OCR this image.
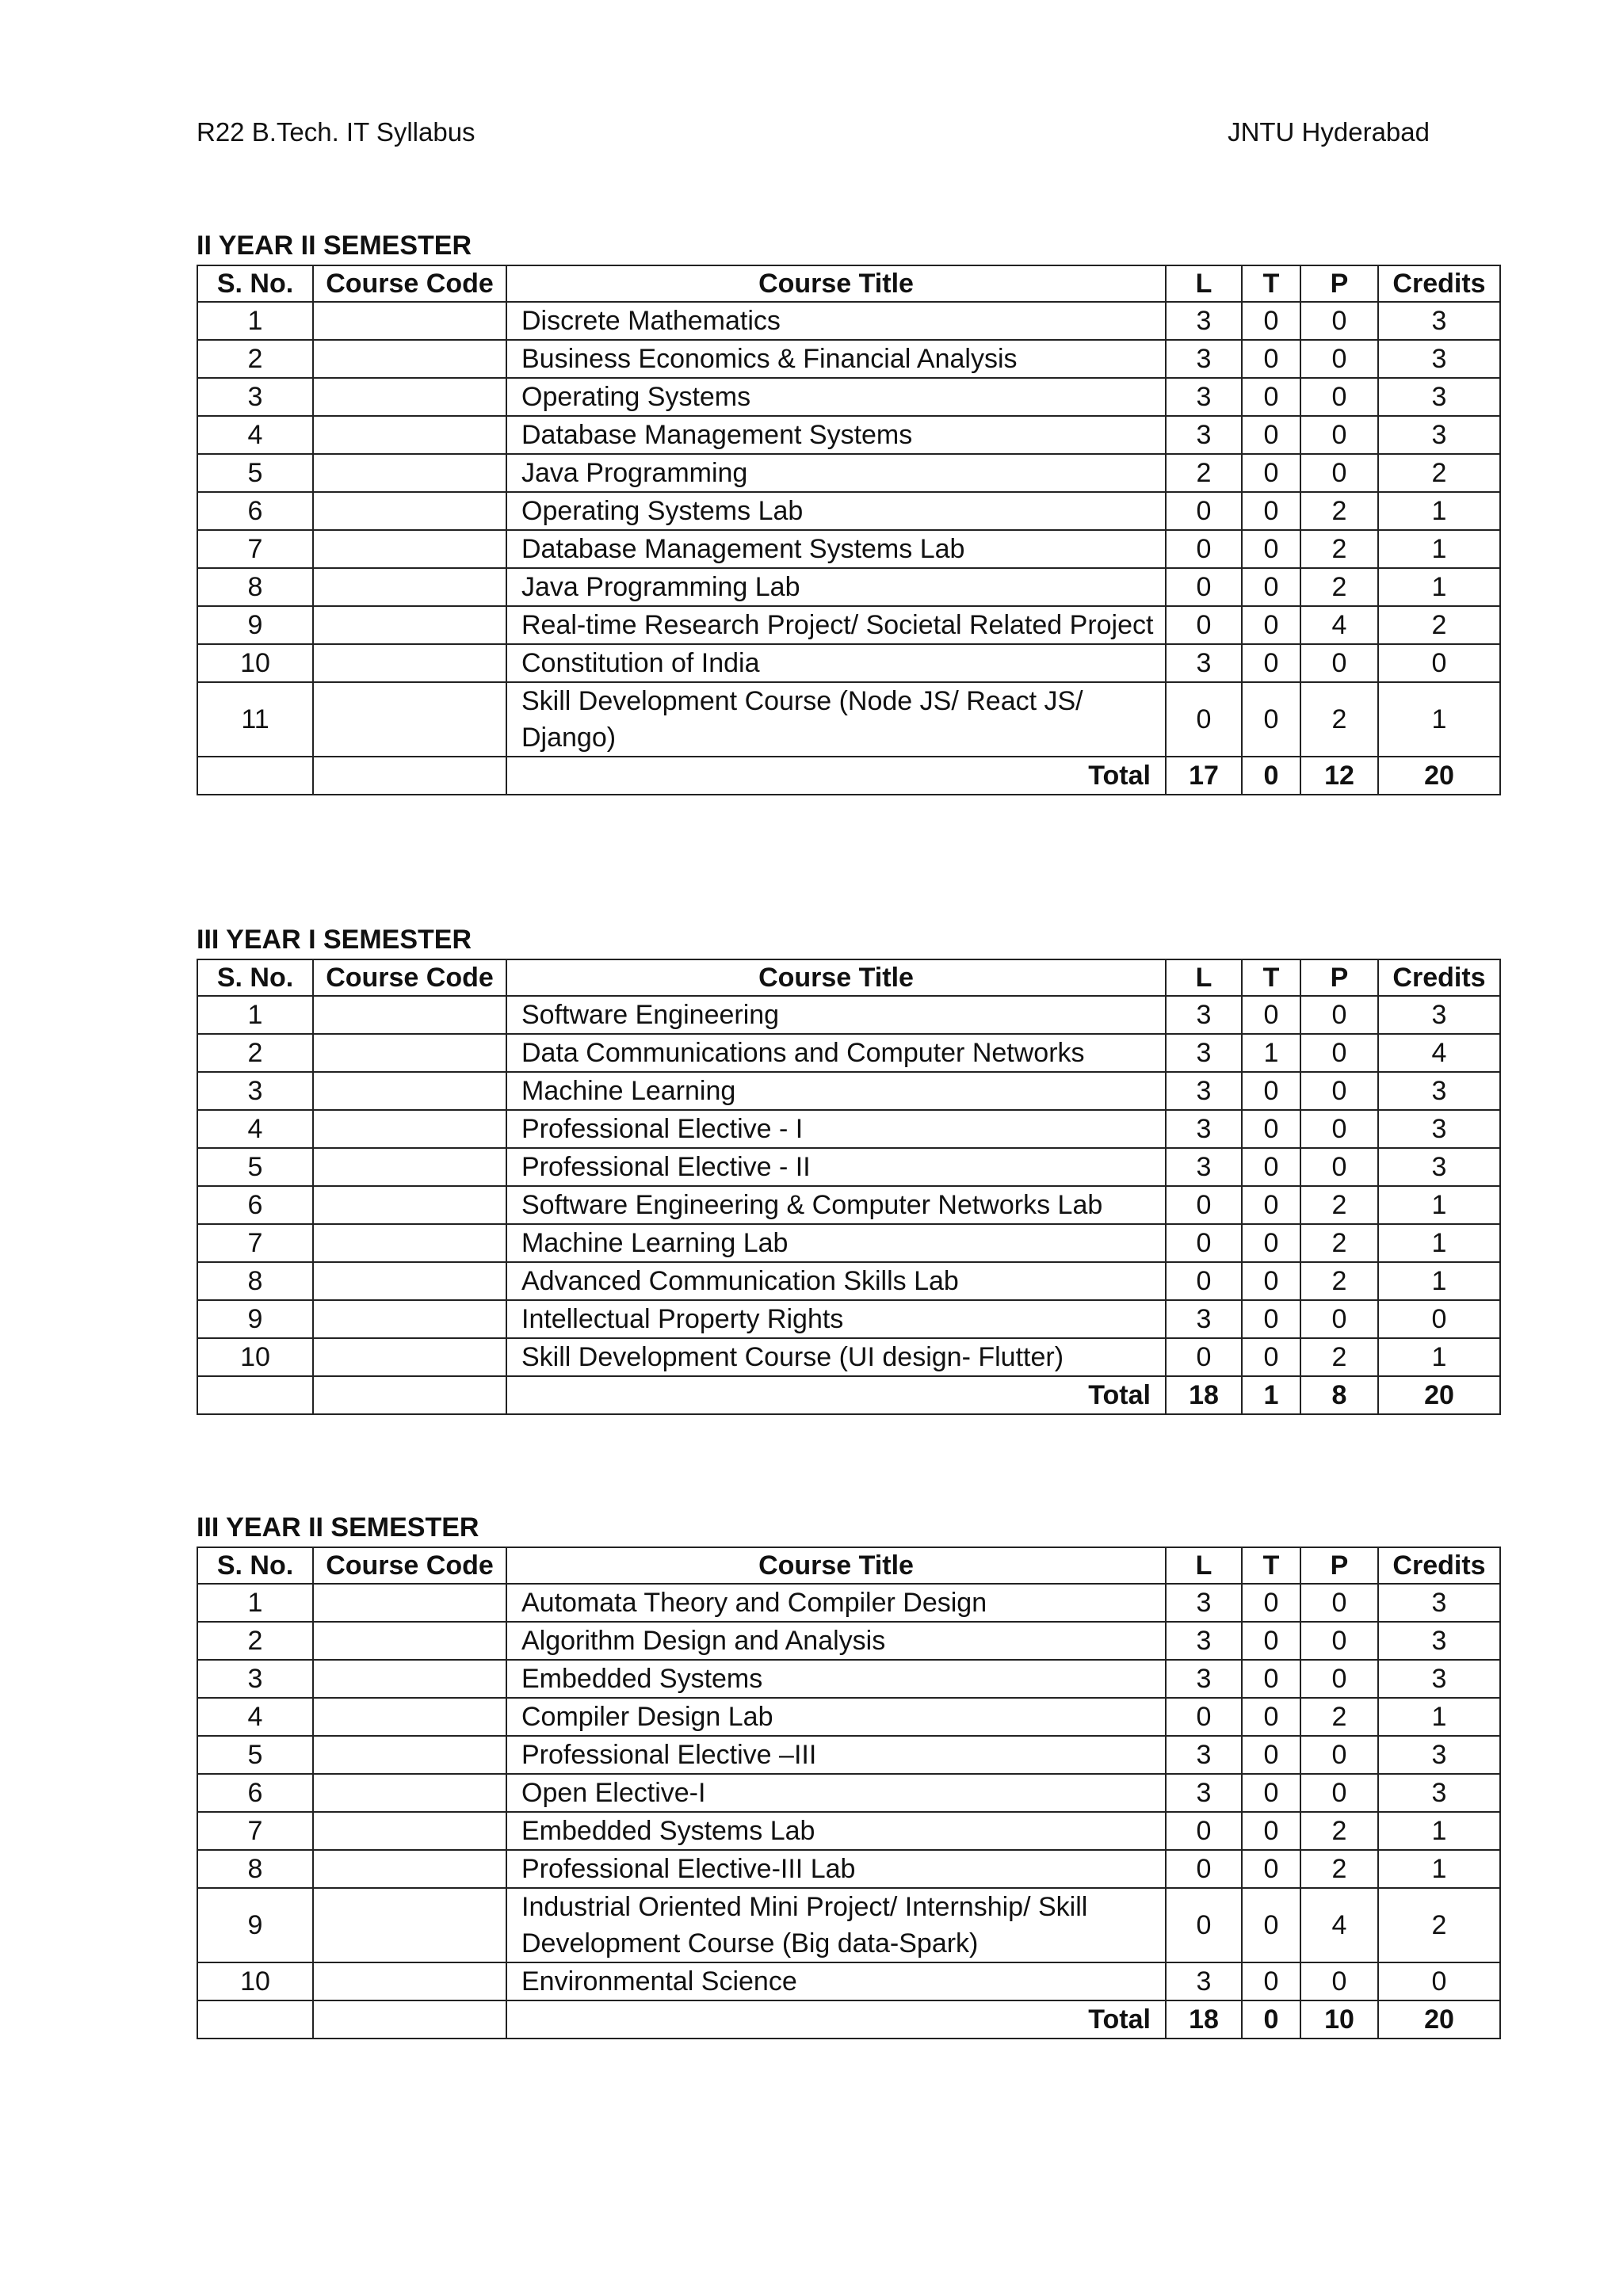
R22 B.Tech. IT Syllabus	JNTU Hyderabad
II YEAR II SEMESTER
S. No.	Course Code	Course Title	L	T	P	Credits
1		Discrete Mathematics	3	0	0	3
2		Business Economics & Financial Analysis	3	0	0	3
3		Operating Systems	3	0	0	3
4		Database Management Systems	3	0	0	3
5		Java Programming	2	0	0	2
6		Operating Systems Lab	0	0	2	1
7		Database Management Systems Lab	0	0	2	1
8		Java Programming Lab	0	0	2	1
9		Real-time Research Project/ Societal Related Project	0	0	4	2
10		Constitution of India	3	0	0	0
11		Skill Development Course (Node JS/ React JS/ Django)	0	0	2	1
		Total	17	0	12	20
III YEAR I SEMESTER
S. No.	Course Code	Course Title	L	T	P	Credits
1		Software Engineering	3	0	0	3
2		Data Communications and Computer Networks	3	1	0	4
3		Machine Learning	3	0	0	3
4		Professional Elective - I	3	0	0	3
5		Professional Elective - II	3	0	0	3
6		Software Engineering & Computer Networks Lab	0	0	2	1
7		Machine Learning Lab	0	0	2	1
8		Advanced Communication Skills Lab	0	0	2	1
9		Intellectual Property Rights	3	0	0	0
10		Skill Development Course (UI design- Flutter)	0	0	2	1
		Total	18	1	8	20
III YEAR II SEMESTER
S. No.	Course Code	Course Title	L	T	P	Credits
1		Automata Theory and Compiler Design	3	0	0	3
2		Algorithm Design and Analysis	3	0	0	3
3		Embedded Systems	3	0	0	3
4		Compiler Design Lab	0	0	2	1
5		Professional Elective –III	3	0	0	3
6		Open Elective-I	3	0	0	3
7		Embedded Systems Lab	0	0	2	1
8		Professional Elective-III Lab	0	0	2	1
9		Industrial Oriented Mini Project/ Internship/ Skill Development Course (Big data-Spark)	0	0	4	2
10		Environmental Science	3	0	0	0
		Total	18	0	10	20
